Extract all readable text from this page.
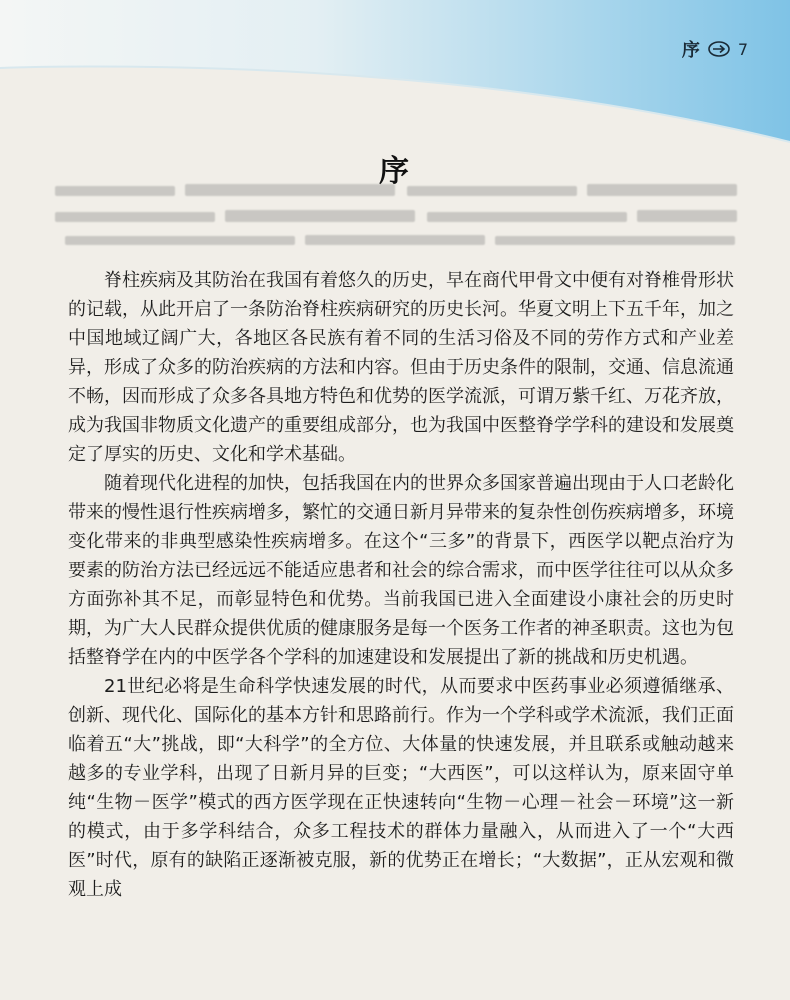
序 7
序

脊柱疾病及其防治在我国有着悠久的历史，早在商代甲骨文中便有对脊椎骨形状的记载，从此开启了一条防治脊柱疾病研究的历史长河。华夏文明上下五千年，加之中国地域辽阔广大，各地区各民族有着不同的生活习俗及不同的劳作方式和产业差异，形成了众多的防治疾病的方法和内容。但由于历史条件的限制，交通、信息流通不畅，因而形成了众多各具地方特色和优势的医学流派，可谓万紫千红、万花齐放，成为我国非物质文化遗产的重要组成部分，也为我国中医整脊学学科的建设和发展奠定了厚实的历史、文化和学术基础。

随着现代化进程的加快，包括我国在内的世界众多国家普遍出现由于人口老龄化带来的慢性退行性疾病增多，繁忙的交通日新月异带来的复杂性创伤疾病增多，环境变化带来的非典型感染性疾病增多。在这个“三多”的背景下，西医学以靶点治疗为要素的防治方法已经远远不能适应患者和社会的综合需求，而中医学往往可以从众多方面弥补其不足，而彰显特色和优势。当前我国已进入全面建设小康社会的历史时期，为广大人民群众提供优质的健康服务是每一个医务工作者的神圣职责。这也为包括整脊学在内的中医学各个学科的加速建设和发展提出了新的挑战和历史机遇。

21世纪必将是生命科学快速发展的时代，从而要求中医药事业必须遵循继承、创新、现代化、国际化的基本方针和思路前行。作为一个学科或学术流派，我们正面临着五“大”挑战，即“大科学”的全方位、大体量的快速发展，并且联系或触动越来越多的专业学科，出现了日新月异的巨变；“大西医”，可以这样认为，原来固守单纯“生物－医学”模式的西方医学现在正快速转向“生物－心理－社会－环境”这一新的模式，由于多学科结合，众多工程技术的群体力量融入，从而进入了一个“大西医”时代，原有的缺陷正逐渐被克服，新的优势正在增长；“大数据”，正从宏观和微观上成
